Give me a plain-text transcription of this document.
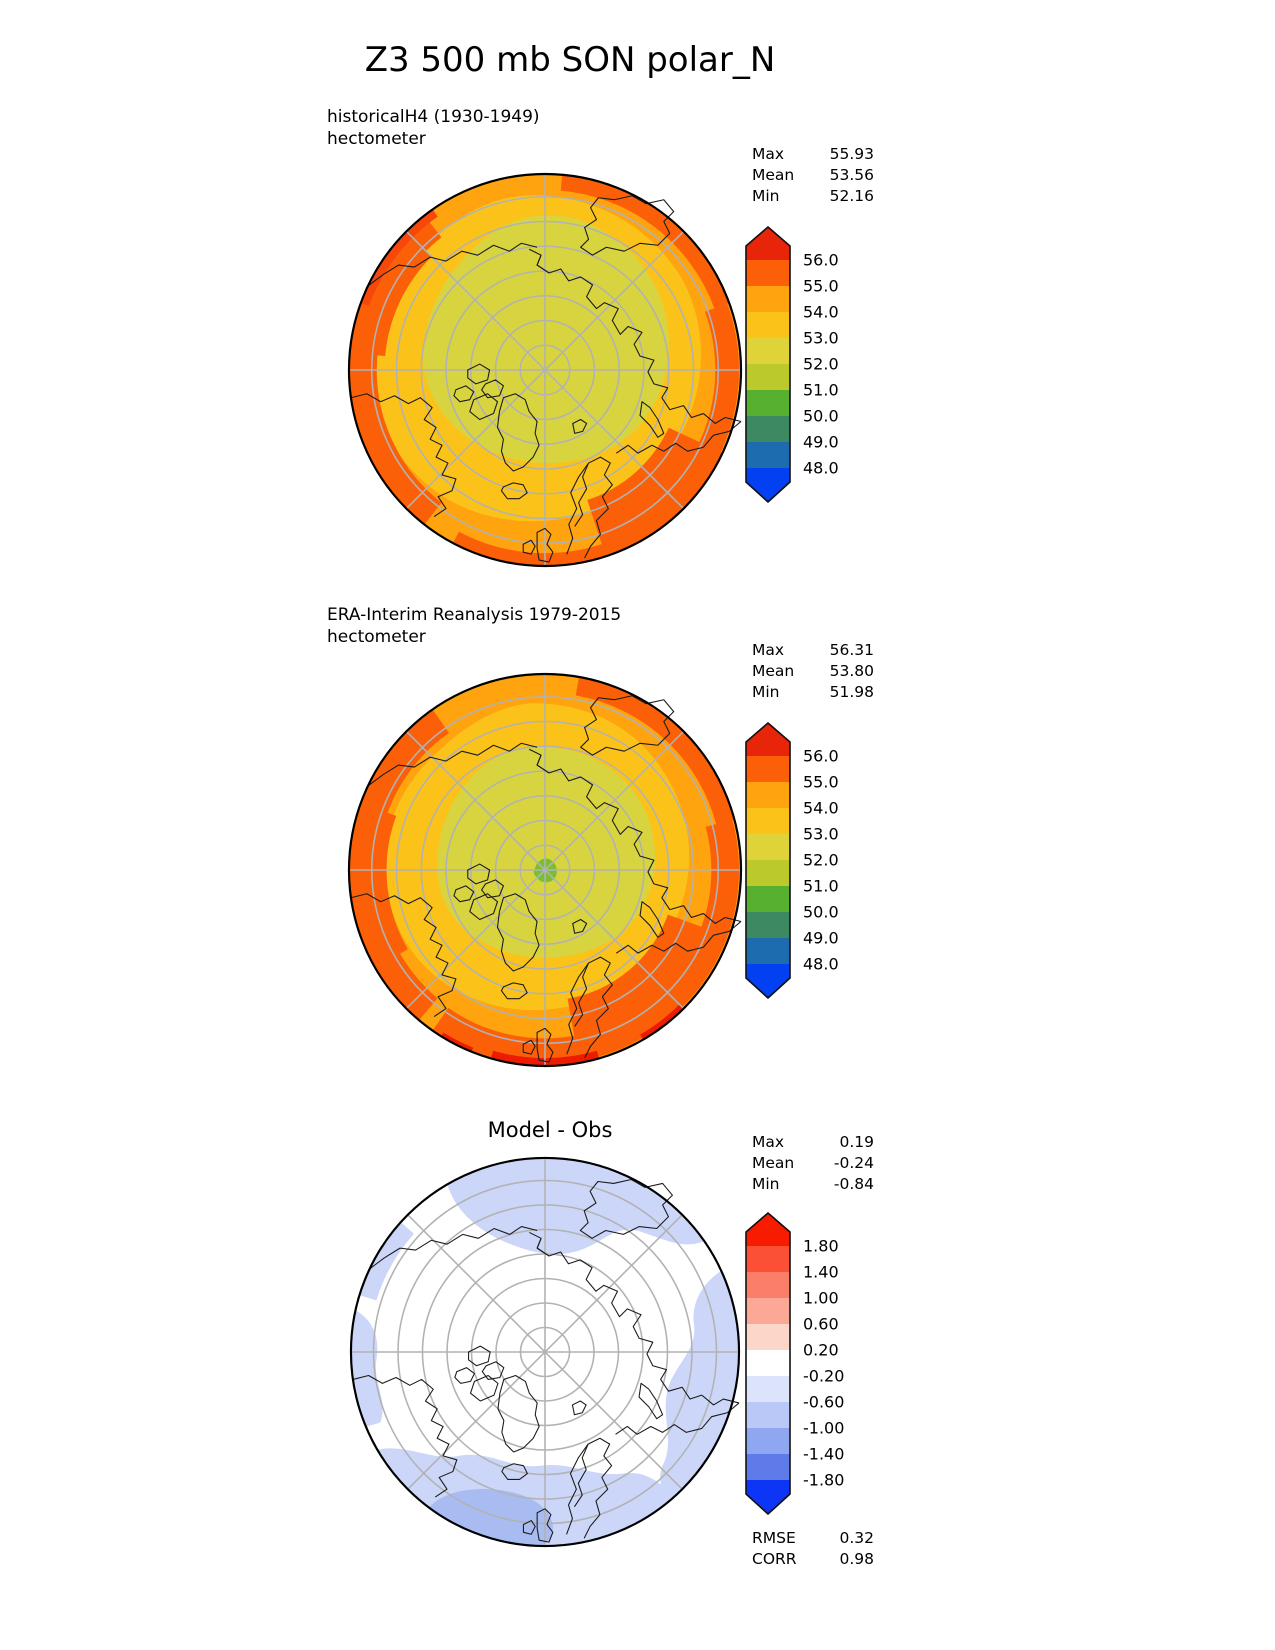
Z3 500 mb SON polar_N
historicalH4 (1930-1949)
hectometer
Max	55.93
Mean 53.56
Min	52.16
56.0
55.0
54.0
53.0
52.0
51.0
50.0
49.0
48.0
ERA-Interim Reanalysis 1979-2015
hectometer
Max	56.31
Mean 53.80
Min	51.98
56.0
55.0
54.0
53.0
52.0
51.0
50.0
49.0
48.0
Model - Obs	Max	0.19
Mean	-0.24
Min	-0.84
1.80
1.40
1.00
0.60
0.20
-0.20
-0.60
-1.00
-1.40
-1.80
RMSE	0.32
CORR	0.98
